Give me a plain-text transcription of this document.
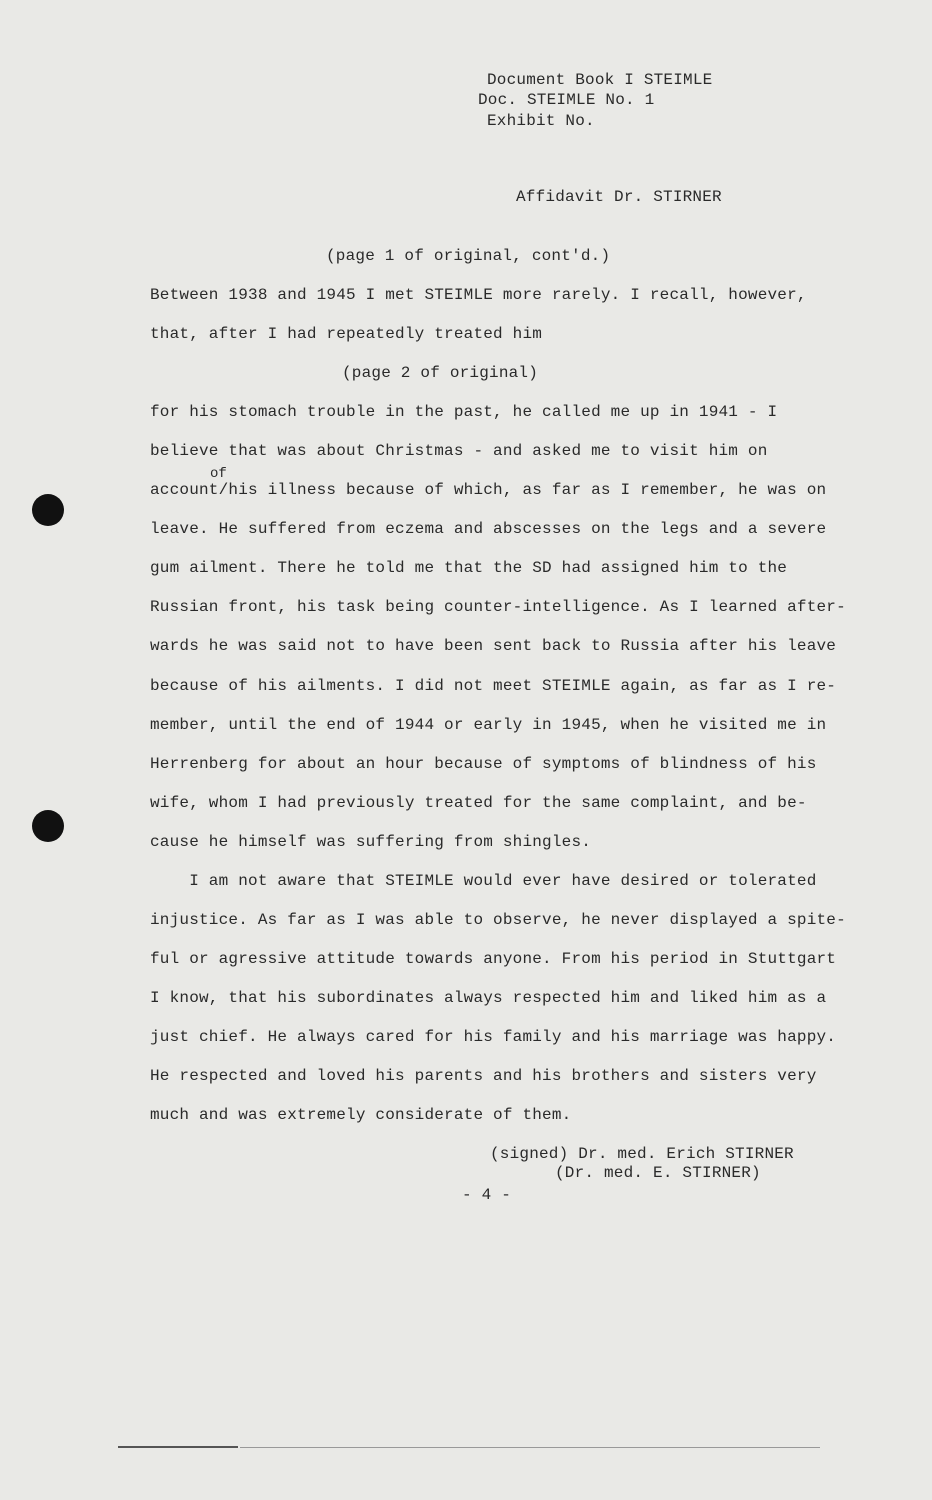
Document Book I STEIMLE
Doc. STEIMLE No. 1
Exhibit No.
Affidavit Dr. STIRNER
(page 1 of original, cont'd.)
Between 1938 and 1945 I met STEIMLE more rarely. I recall, however,
that, after I had repeatedly treated him
(page 2 of original)
for his stomach trouble in the past, he called me up in 1941 - I
believe that was about Christmas - and asked me to visit him on
of
account/his illness because of which, as far as I remember, he was on
leave. He suffered from eczema and abscesses on the legs and a severe
gum ailment. There he told me that the SD had assigned him to the
Russian front, his task being counter-intelligence. As I learned after-
wards he was said not to have been sent back to Russia after his leave
because of his ailments. I did not meet STEIMLE again, as far as I re-
member, until the end of 1944 or early in 1945, when he visited me in
Herrenberg for about an hour because of symptoms of blindness of his
wife, whom I had previously treated for the same complaint, and be-
cause he himself was suffering from shingles.
I am not aware that STEIMLE would ever have desired or tolerated
injustice. As far as I was able to observe, he never displayed a spite-
ful or agressive attitude towards anyone. From his period in Stuttgart
I know, that his subordinates always respected him and liked him as a
just chief. He always cared for his family and his marriage was happy.
He respected and loved his parents and his brothers and sisters very
much and was extremely considerate of them.
(signed) Dr. med. Erich STIRNER
(Dr. med. E. STIRNER)
- 4 -
